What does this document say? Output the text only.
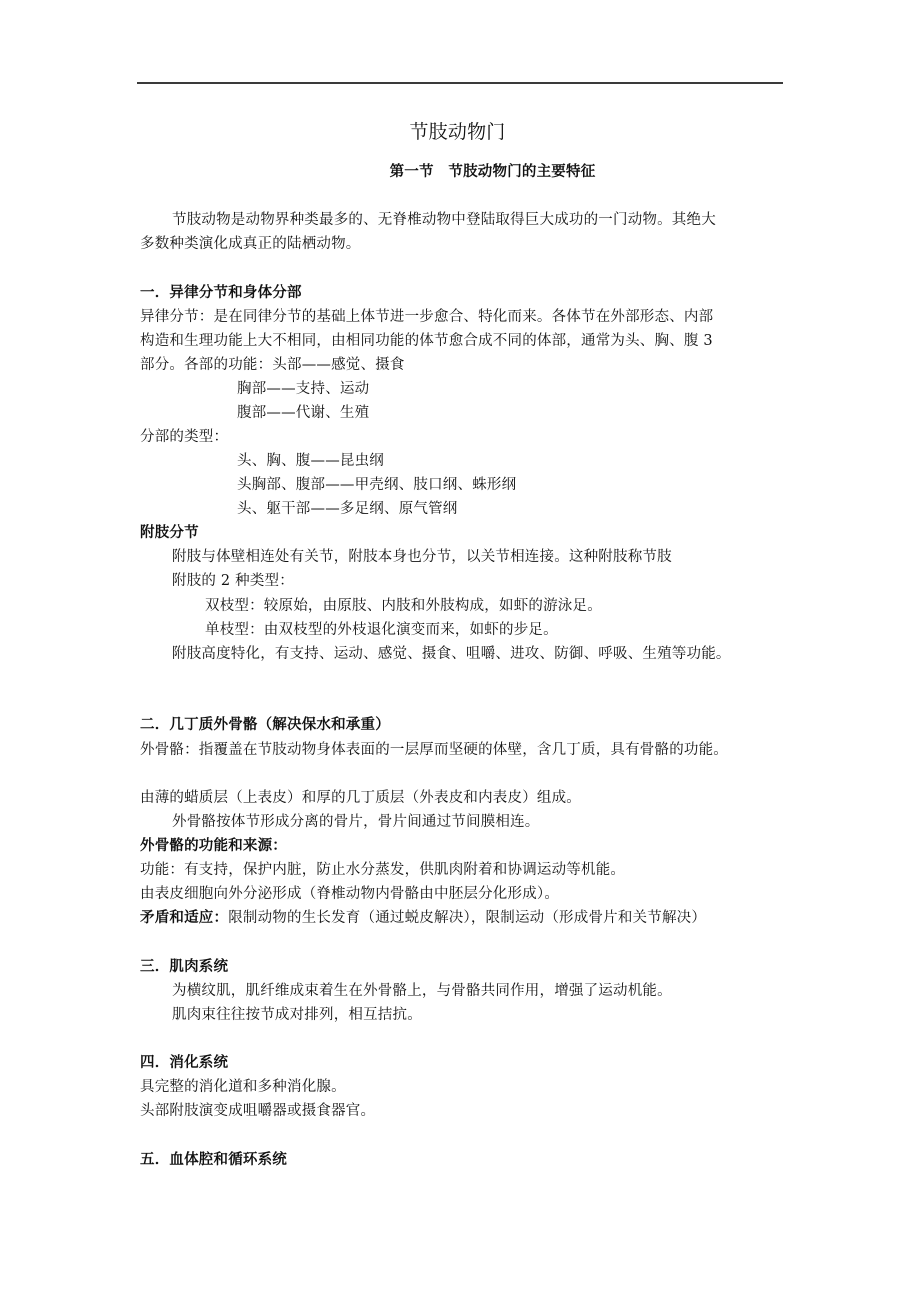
节肢动物门
第一节　节肢动物门的主要特征
节肢动物是动物界种类最多的、无脊椎动物中登陆取得巨大成功的一门动物。其绝大
多数种类演化成真正的陆栖动物。
一．异律分节和身体分部
异律分节：是在同律分节的基础上体节进一步愈合、特化而来。各体节在外部形态、内部
构造和生理功能上大不相同，由相同功能的体节愈合成不同的体部，通常为头、胸、腹 3
部分。各部的功能：头部——感觉、摄食
胸部——支持、运动
腹部——代谢、生殖
分部的类型：
头、胸、腹——昆虫纲
头胸部、腹部——甲壳纲、肢口纲、蛛形纲
头、躯干部——多足纲、原气管纲
附肢分节
附肢与体壁相连处有关节，附肢本身也分节，以关节相连接。这种附肢称节肢
附肢的 2 种类型：
双枝型：较原始，由原肢、内肢和外肢构成，如虾的游泳足。
单枝型：由双枝型的外枝退化演变而来，如虾的步足。
附肢高度特化，有支持、运动、感觉、摄食、咀嚼、进攻、防御、呼吸、生殖等功能。
二．几丁质外骨骼（解决保水和承重）
外骨骼：指覆盖在节肢动物身体表面的一层厚而坚硬的体壁，含几丁质，具有骨骼的功能。
由薄的蜡质层（上表皮）和厚的几丁质层（外表皮和内表皮）组成。
外骨骼按体节形成分离的骨片，骨片间通过节间膜相连。
外骨骼的功能和来源：
功能：有支持，保护内脏，防止水分蒸发，供肌肉附着和协调运动等机能。
由表皮细胞向外分泌形成（脊椎动物内骨骼由中胚层分化形成）。
矛盾和适应：限制动物的生长发育（通过蜕皮解决），限制运动（形成骨片和关节解决）
三．肌肉系统
为横纹肌，肌纤维成束着生在外骨骼上，与骨骼共同作用，增强了运动机能。
肌肉束往往按节成对排列，相互拮抗。
四．消化系统
具完整的消化道和多种消化腺。
头部附肢演变成咀嚼器或摄食器官。
五．血体腔和循环系统
